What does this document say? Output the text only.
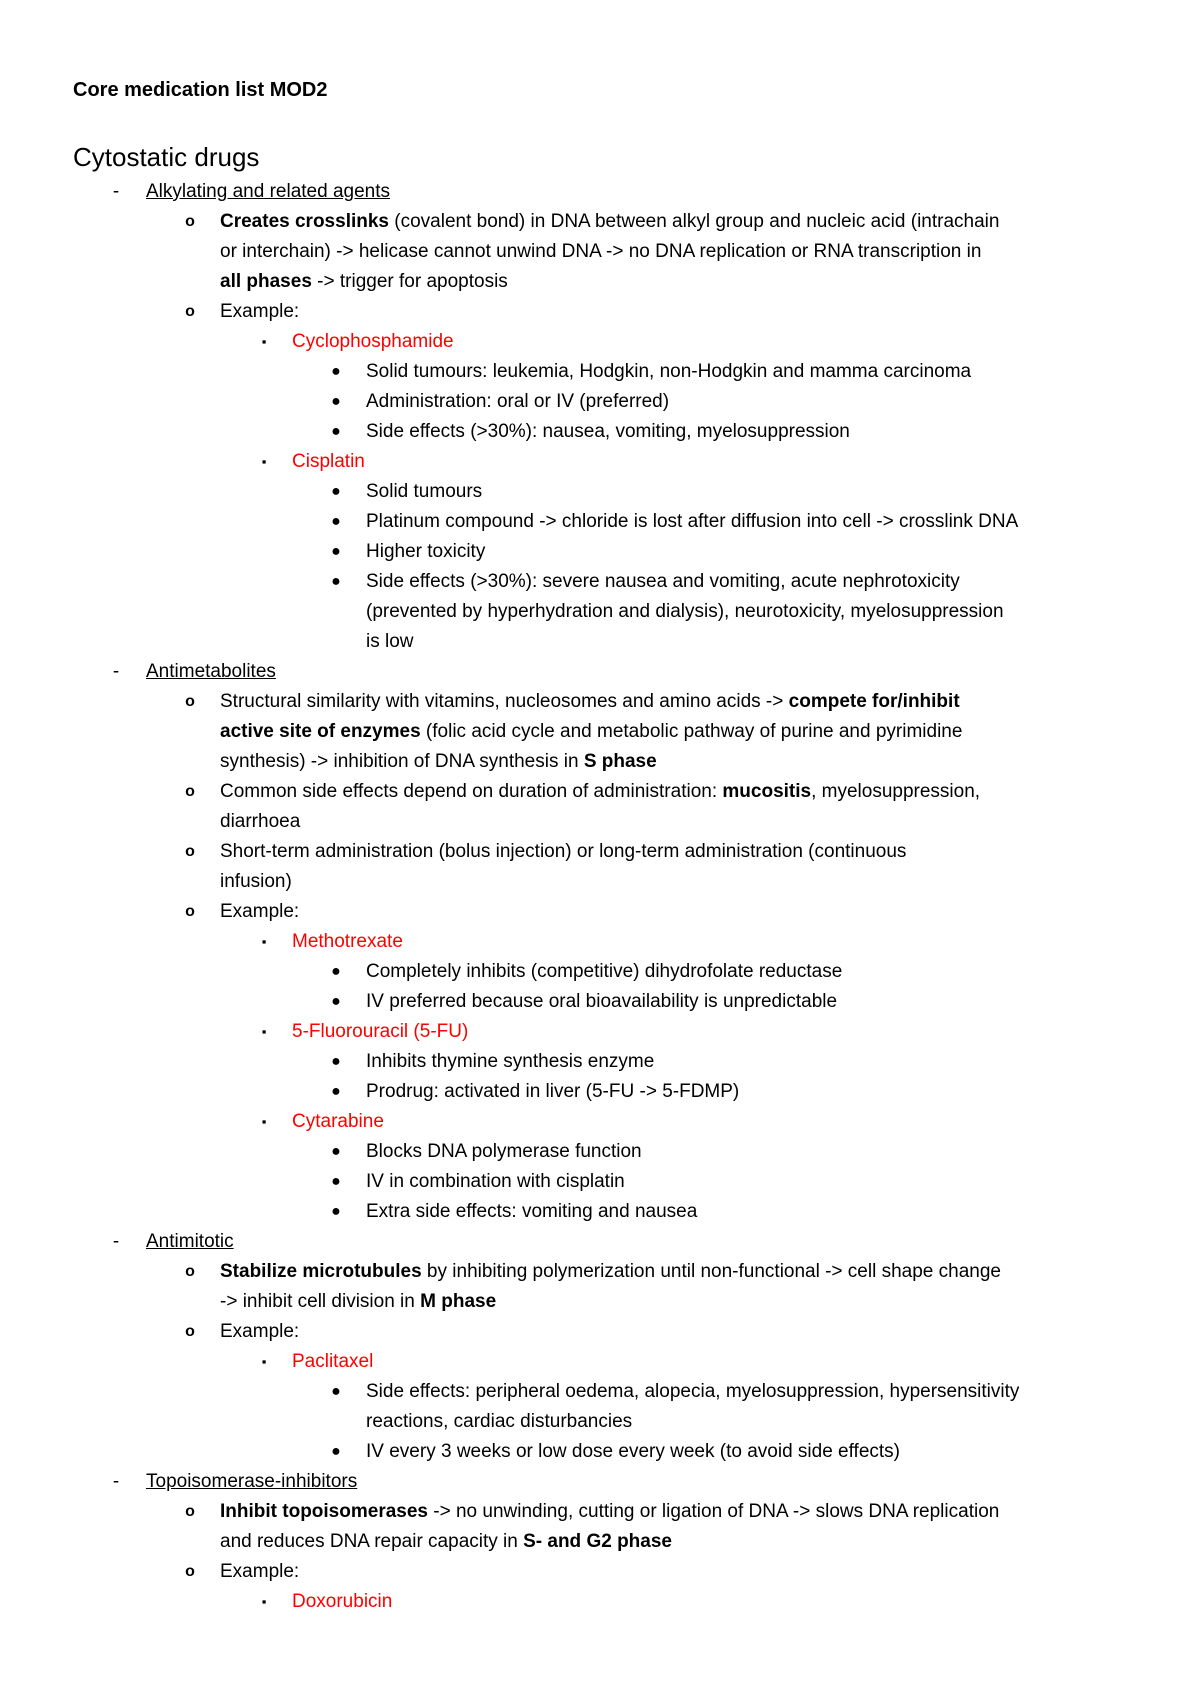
Core medication list MOD2
Cytostatic drugs
-	Alkylating and related agents
o Creates crosslinks (covalent bond) in DNA between alkyl group and nucleic acid (intrachain
or interchain) -> helicase cannot unwind DNA -> no DNA replication or RNA transcription in
all phases -> trigger for apoptosis
o Example:
▪	Cyclophosphamide
● Solid tumours: leukemia, Hodgkin, non-Hodgkin and mamma carcinoma
● Administration: oral or IV (preferred)
● Side effects (>30%): nausea, vomiting, myelosuppression
▪	Cisplatin
● Solid tumours
● Platinum compound -> chloride is lost after diffusion into cell -> crosslink DNA
● Higher toxicity
● Side effects (>30%): severe nausea and vomiting, acute nephrotoxicity
(prevented by hyperhydration and dialysis), neurotoxicity, myelosuppression
is low
-	Antimetabolites
o Structural similarity with vitamins, nucleosomes and amino acids -> compete for/inhibit
active site of enzymes (folic acid cycle and metabolic pathway of purine and pyrimidine
synthesis) -> inhibition of DNA synthesis in S phase
o Common side effects depend on duration of administration: mucositis, myelosuppression,
diarrhoea
o Short-term administration (bolus injection) or long-term administration (continuous
infusion)
o Example:
▪	Methotrexate
● Completely inhibits (competitive) dihydrofolate reductase
● IV preferred because oral bioavailability is unpredictable
▪	5-Fluorouracil (5-FU)
● Inhibits thymine synthesis enzyme
● Prodrug: activated in liver (5-FU -> 5-FDMP)
▪	Cytarabine
● Blocks DNA polymerase function
● IV in combination with cisplatin
● Extra side effects: vomiting and nausea
-	Antimitotic
o Stabilize microtubules by inhibiting polymerization until non-functional -> cell shape change
-> inhibit cell division in M phase
o Example:
▪	Paclitaxel
● Side effects: peripheral oedema, alopecia, myelosuppression, hypersensitivity
reactions, cardiac disturbancies
● IV every 3 weeks or low dose every week (to avoid side effects)
-	Topoisomerase-inhibitors
o Inhibit topoisomerases -> no unwinding, cutting or ligation of DNA -> slows DNA replication
and reduces DNA repair capacity in S- and G2 phase
o Example:
▪	Doxorubicin
